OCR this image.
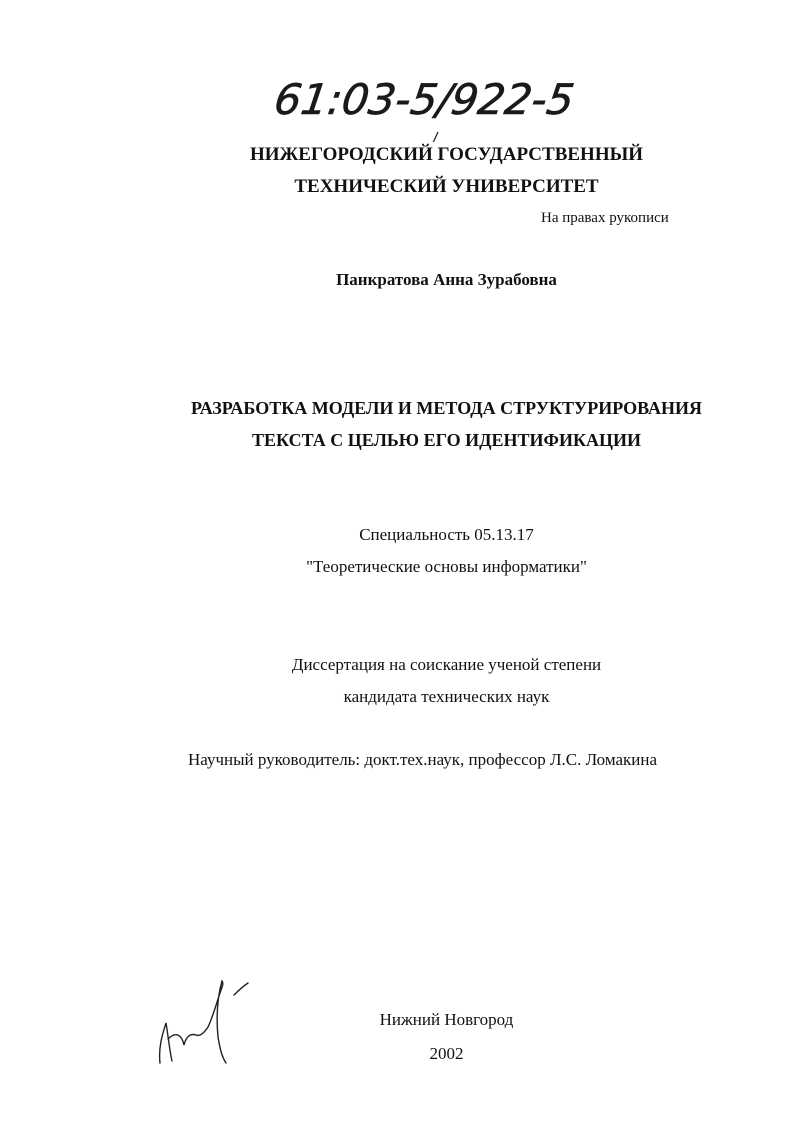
61:03-5/922-5
НИЖЕГОРОДСКИЙ ГОСУДАРСТВЕННЫЙ
ТЕХНИЧЕСКИЙ УНИВЕРСИТЕТ
На правах рукописи
Панкратова Анна Зурабовна
РАЗРАБОТКА МОДЕЛИ И МЕТОДА СТРУКТУРИРОВАНИЯ
ТЕКСТА С ЦЕЛЬЮ ЕГО ИДЕНТИФИКАЦИИ
Специальность 05.13.17
"Теоретические основы информатики"
Диссертация на соискание ученой степени
кандидата технических наук
Научный руководитель: докт.тех.наук, профессор Л.С. Ломакина
Нижний Новгород
2002
